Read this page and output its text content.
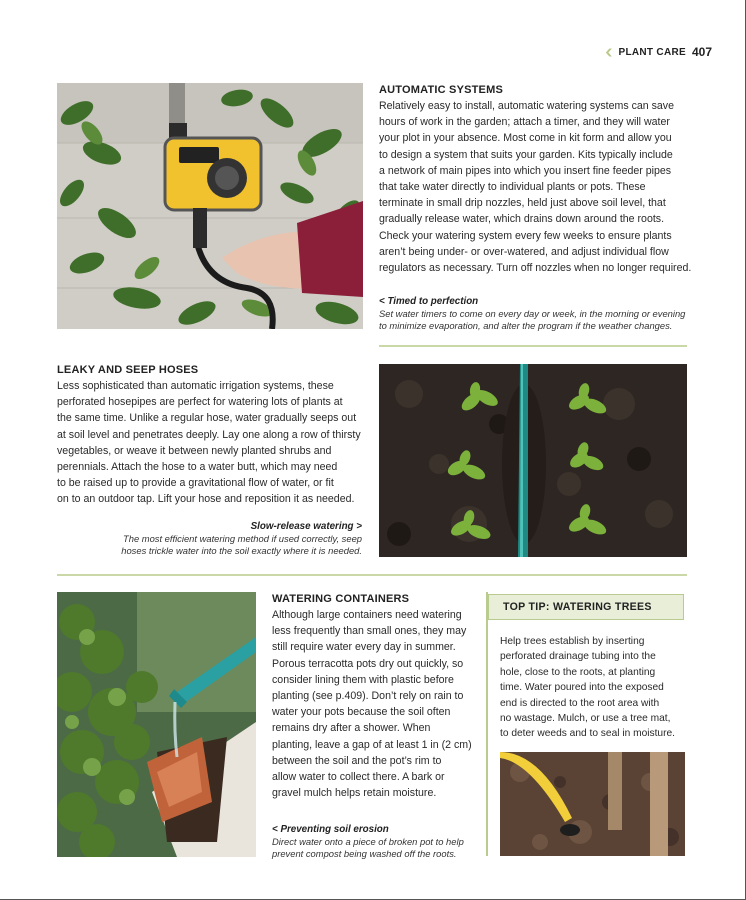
‹‹ PLANT CARE 407
AUTOMATIC SYSTEMS
Relatively easy to install, automatic watering systems can save
hours of work in the garden; attach a timer, and they will water
your plot in your absence. Most come in kit form and allow you
to design a system that suits your garden. Kits typically include
a network of main pipes into which you insert fine feeder pipes
that take water directly to individual plants or pots. These
terminate in small drip nozzles, held just above soil level, that
gradually release water, which drains down around the roots.
Check your watering system every few weeks to ensure plants
aren’t being under- or over-watered, and adjust individual flow
regulators as necessary. Turn off nozzles when no longer required.
< Timed to perfection
Set water timers to come on every day or week, in the morning or evening
to minimize evaporation, and alter the program if the weather changes.
LEAKY AND SEEP HOSES
Less sophisticated than automatic irrigation systems, these
perforated hosepipes are perfect for watering lots of plants at
the same time. Unlike a regular hose, water gradually seeps out
at soil level and penetrates deeply. Lay one along a row of thirsty
vegetables, or weave it between newly planted shrubs and
perennials. Attach the hose to a water butt, which may need
to be raised up to provide a gravitational flow of water, or fit
on to an outdoor tap. Lift your hose and reposition it as needed.
Slow-release watering >
The most efficient watering method if used correctly, seep
hoses trickle water into the soil exactly where it is needed.
WATERING CONTAINERS
Although large containers need watering
less frequently than small ones, they may
still require water every day in summer.
Porous terracotta pots dry out quickly, so
consider lining them with plastic before
planting (see p.409). Don’t rely on rain to
water your pots because the soil often
remains dry after a shower. When
planting, leave a gap of at least 1 in (2 cm)
between the soil and the pot’s rim to
allow water to collect there. A bark or
gravel mulch helps retain moisture.
< Preventing soil erosion
Direct water onto a piece of broken pot to help
prevent compost being washed off the roots.
TOP TIP: WATERING TREES
Help trees establish by inserting
perforated drainage tubing into the
hole, close to the roots, at planting
time. Water poured into the exposed
end is directed to the root area with
no wastage. Mulch, or use a tree mat,
to deter weeds and to seal in moisture.
